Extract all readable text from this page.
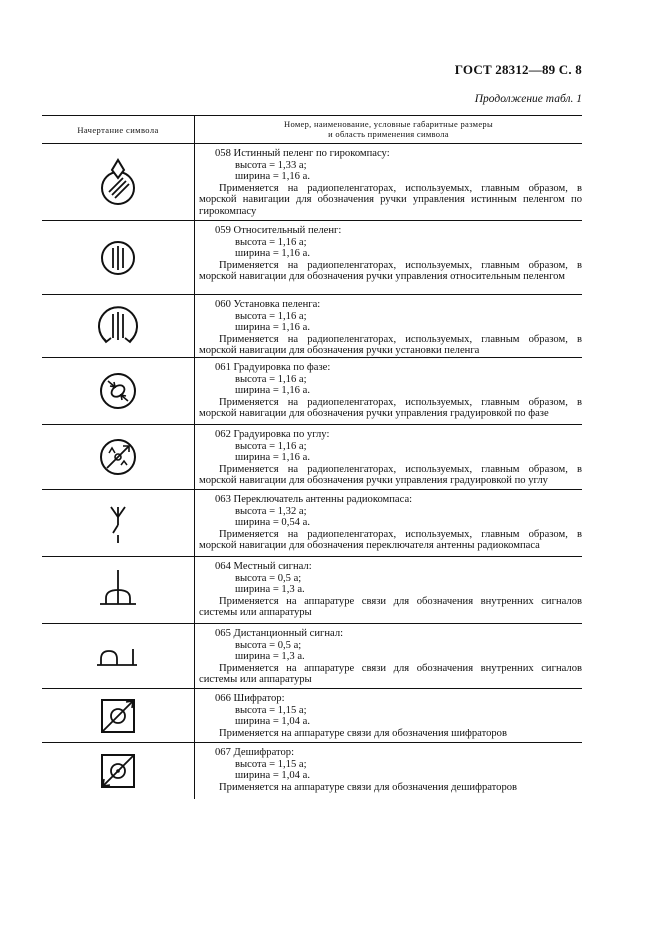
ГОСТ 28312—89 С. 8
Продолжение табл. 1
Начертание символа
Номер, наименование, условные габаритные размеры
и область применения символа
058 Истинный пеленг по гирокомпасу:
высота = 1,33 a;
ширина = 1,16 a.
Применяется на радиопеленгаторах, используемых, главным образом, в морской навигации для обозначения ручки управления истинным пеленгом по гирокомпасу
059 Относительный пеленг:
высота = 1,16 a;
ширина = 1,16 a.
Применяется на радиопеленгаторах, используемых, главным образом, в морской навигации для обозначения ручки управления относительным пеленгом
060 Установка пеленга:
высота = 1,16 a;
ширина = 1,16 a.
Применяется на радиопеленгаторах, используемых, главным образом, в морской навигации для обозначения ручки установки пеленга
061 Градуировка по фазе:
высота = 1,16 a;
ширина = 1,16 a.
Применяется на радиопеленгаторах, используемых, главным образом, в морской навигации для обозначения ручки управления градуировкой по фазе
062 Градуировка по углу:
высота = 1,16 a;
ширина = 1,16 a.
Применяется на радиопеленгаторах, используемых, главным образом, в морской навигации для обозначения ручки управления градуировкой по углу
063 Переключатель антенны радиокомпаса:
высота = 1,32 a;
ширина = 0,54 a.
Применяется на радиопеленгаторах, используемых, главным образом, в морской навигации для обозначения переключателя антенны радиокомпаса
064 Местный сигнал:
высота = 0,5 a;
ширина = 1,3 a.
Применяется на аппаратуре связи для обозначения внутренних сигналов системы или аппаратуры
065 Дистанционный сигнал:
высота = 0,5 a;
ширина = 1,3 a.
Применяется на аппаратуре связи для обозначения внутренних сигналов системы или аппаратуры
066 Шифратор:
высота = 1,15 a;
ширина = 1,04 a.
Применяется на аппаратуре связи для обозначения шифраторов
067 Дешифратор:
высота = 1,15 a;
ширина = 1,04 a.
Применяется на аппаратуре связи для обозначения дешифраторов
